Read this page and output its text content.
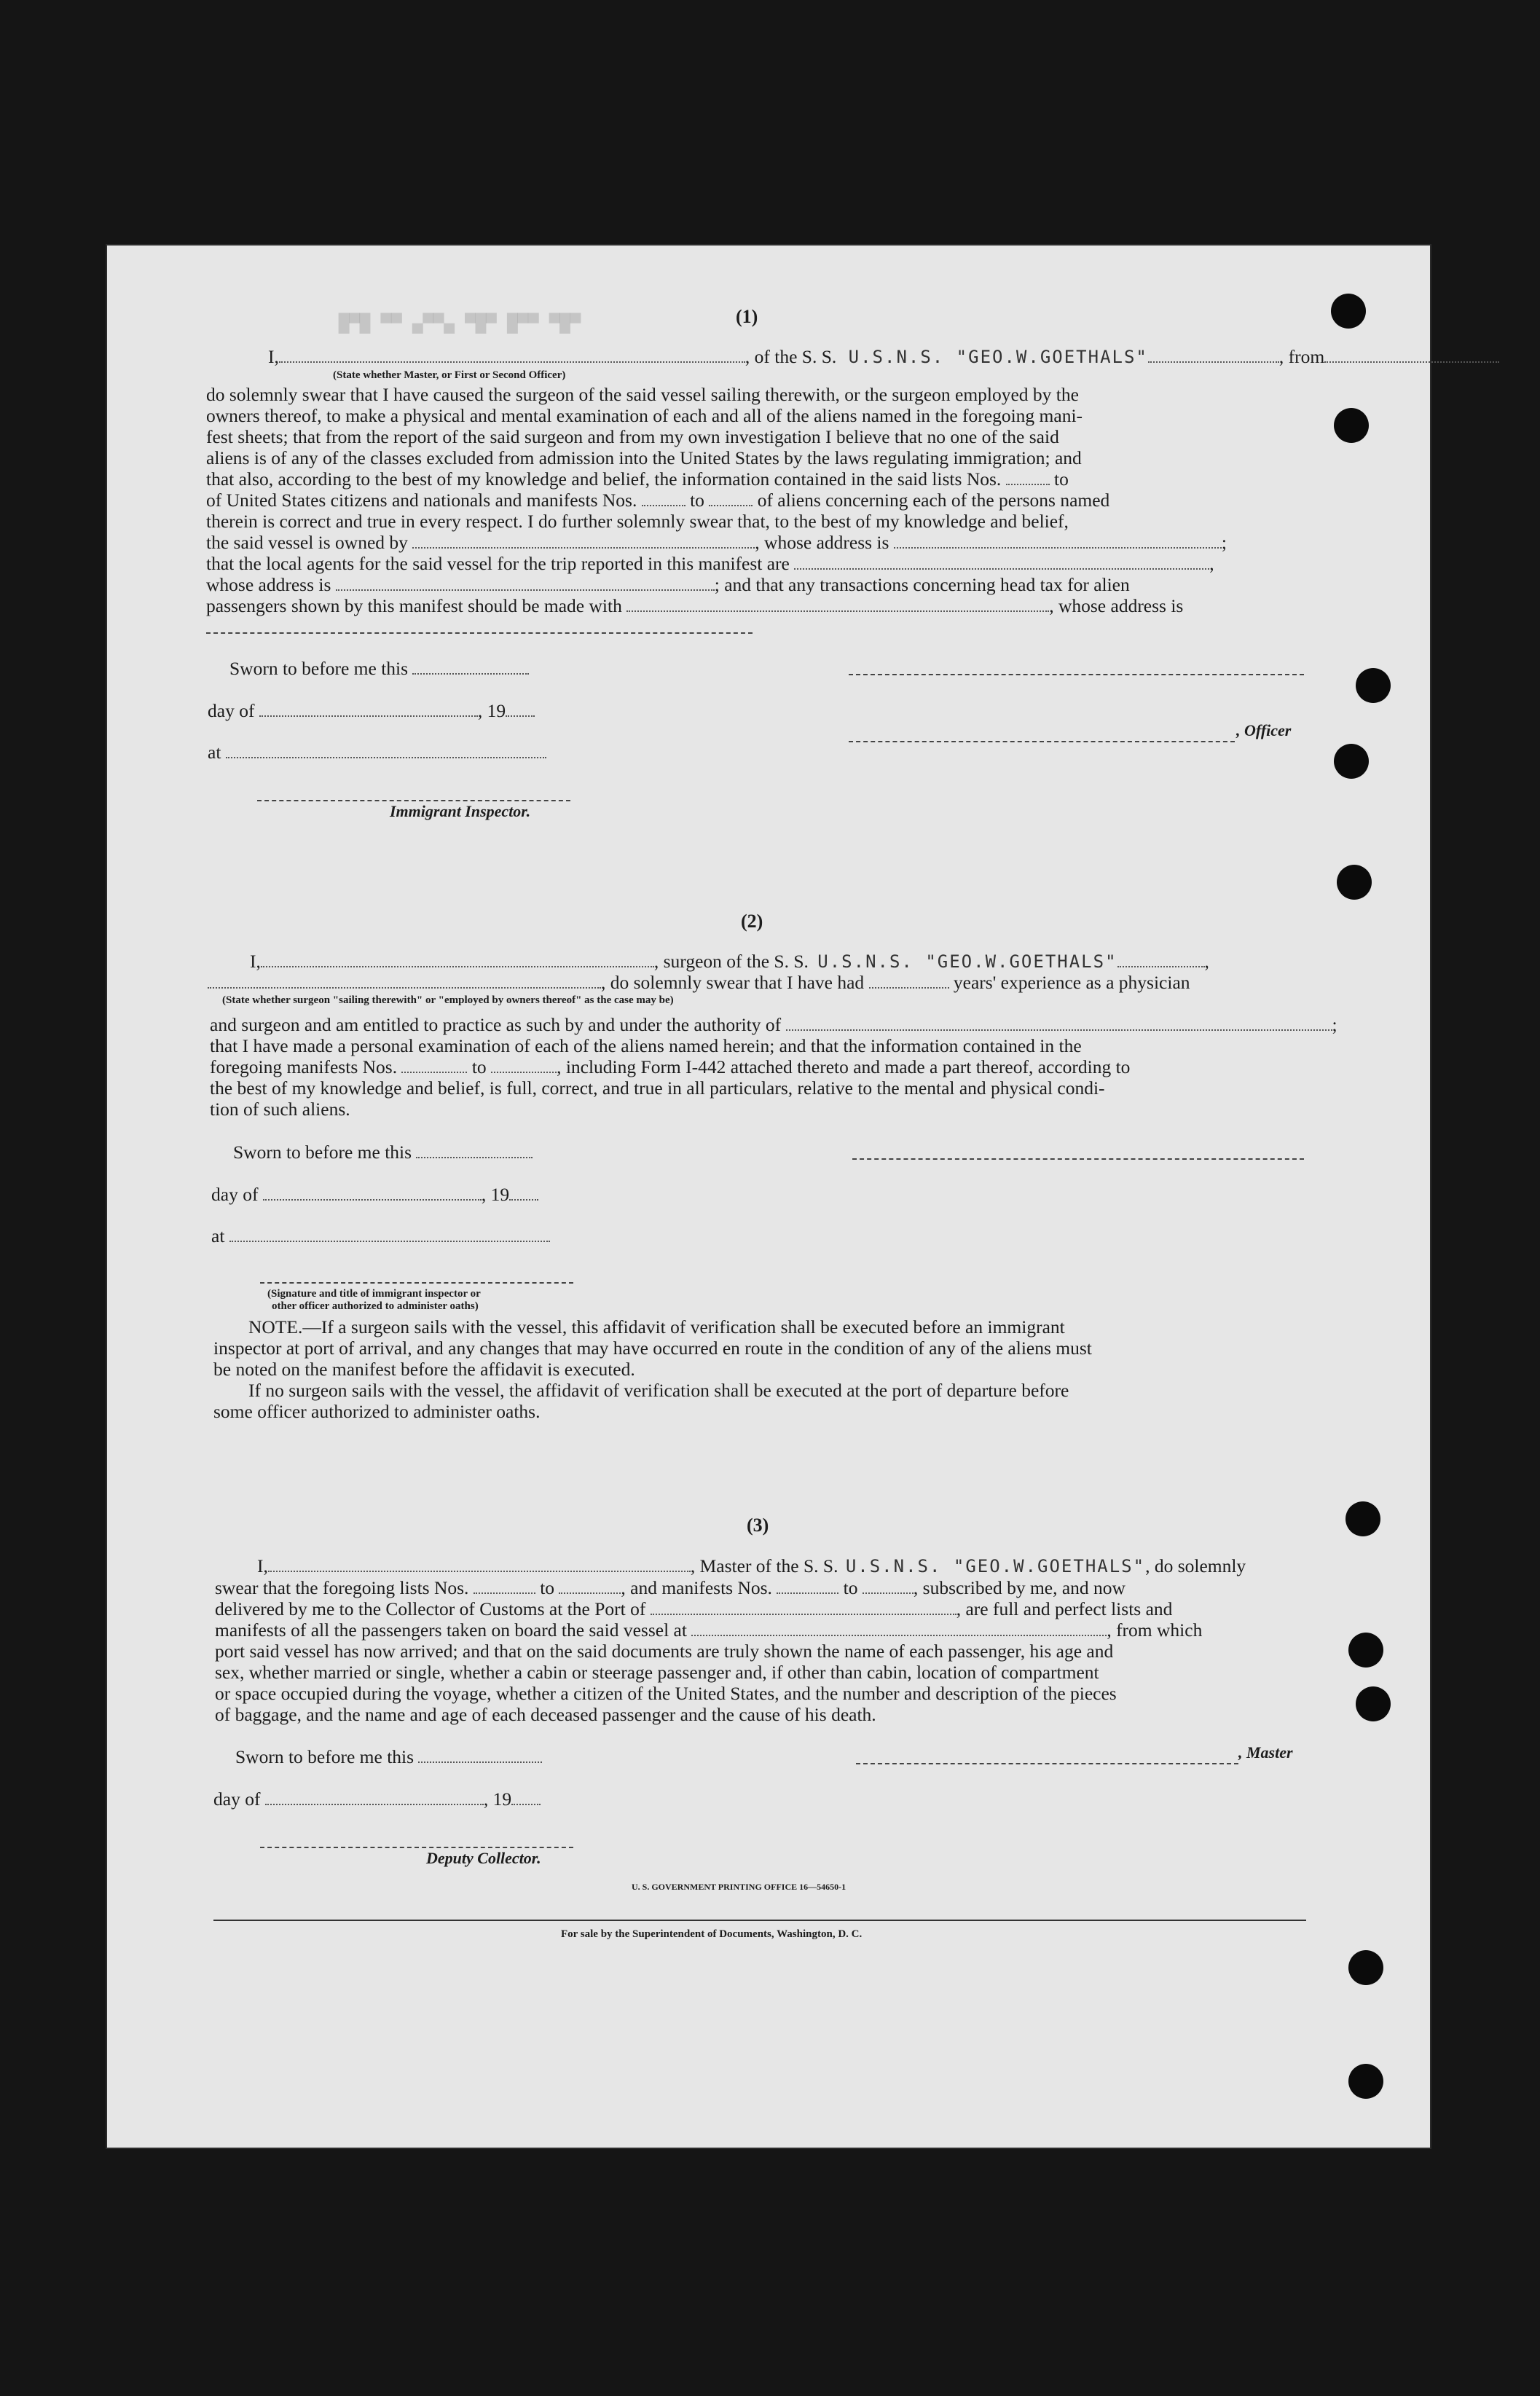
█▀█ ▀▀ ▄▀▀▄ ▀█▀ █▀▀ ▀█▀	(1)
I,	, of the S. S. U.S.N.S. "GEO.W.GOETHALS"	, from
(State whether Master, or First or Second Officer)
do solemnly swear that I have caused the surgeon of the said vessel sailing therewith, or the surgeon employed by the
owners thereof, to make a physical and mental examination of each and all of the aliens named in the foregoing mani-
fest sheets; that from the report of the said surgeon and from my own investigation I believe that no one of the said
aliens is of any of the classes excluded from admission into the United States by the laws regulating immigration; and
that also, according to the best of my knowledge and belief, the information contained in the said lists Nos.	to
of United States citizens and nationals and manifests Nos.	to	of aliens concerning each of the persons named
therein is correct and true in every respect. I do further solemnly swear that, to the best of my knowledge and belief,
the said vessel is owned by	, whose address is	;
that the local agents for the said vessel for the trip reported in this manifest are	,
whose address is	; and that any transactions concerning head tax for alien
passengers shown by this manifest should be made with	, whose address is
Sworn to before me this
day of	, 19
at
Immigrant Inspector.
, Officer
(2)
I,	, surgeon of the S. S. U.S.N.S. "GEO.W.GOETHALS"	,
, do solemnly swear that I have had	years' experience as a physician
(State whether surgeon "sailing therewith" or "employed by owners thereof" as the case may be)
and surgeon and am entitled to practice as such by and under the authority of	;
that I have made a personal examination of each of the aliens named herein; and that the information contained in the
foregoing manifests Nos.	to	, including Form I-442 attached thereto and made a part thereof, according to
the best of my knowledge and belief, is full, correct, and true in all particulars, relative to the mental and physical condi-
tion of such aliens.
Sworn to before me this
day of	, 19
at
(Signature and title of immigrant inspector or
other officer authorized to administer oaths)
NOTE.—If a surgeon sails with the vessel, this affidavit of verification shall be executed before an immigrant
inspector at port of arrival, and any changes that may have occurred en route in the condition of any of the aliens must
be noted on the manifest before the affidavit is executed.
If no surgeon sails with the vessel, the affidavit of verification shall be executed at the port of departure before
some officer authorized to administer oaths.
(3)
I,	, Master of the S. S. U.S.N.S. "GEO.W.GOETHALS", do solemnly
swear that the foregoing lists Nos.	to	, and manifests Nos.	to	, subscribed by me, and now
delivered by me to the Collector of Customs at the Port of	, are full and perfect lists and
manifests of all the passengers taken on board the said vessel at	, from which
port said vessel has now arrived; and that on the said documents are truly shown the name of each passenger, his age and
sex, whether married or single, whether a cabin or steerage passenger and, if other than cabin, location of compartment
or space occupied during the voyage, whether a citizen of the United States, and the number and description of the pieces
of baggage, and the name and age of each deceased passenger and the cause of his death.
Sworn to before me this	, Master
day of	, 19
Deputy Collector.
U. S. GOVERNMENT PRINTING OFFICE 16—54650-1
For sale by the Superintendent of Documents, Washington, D. C.
